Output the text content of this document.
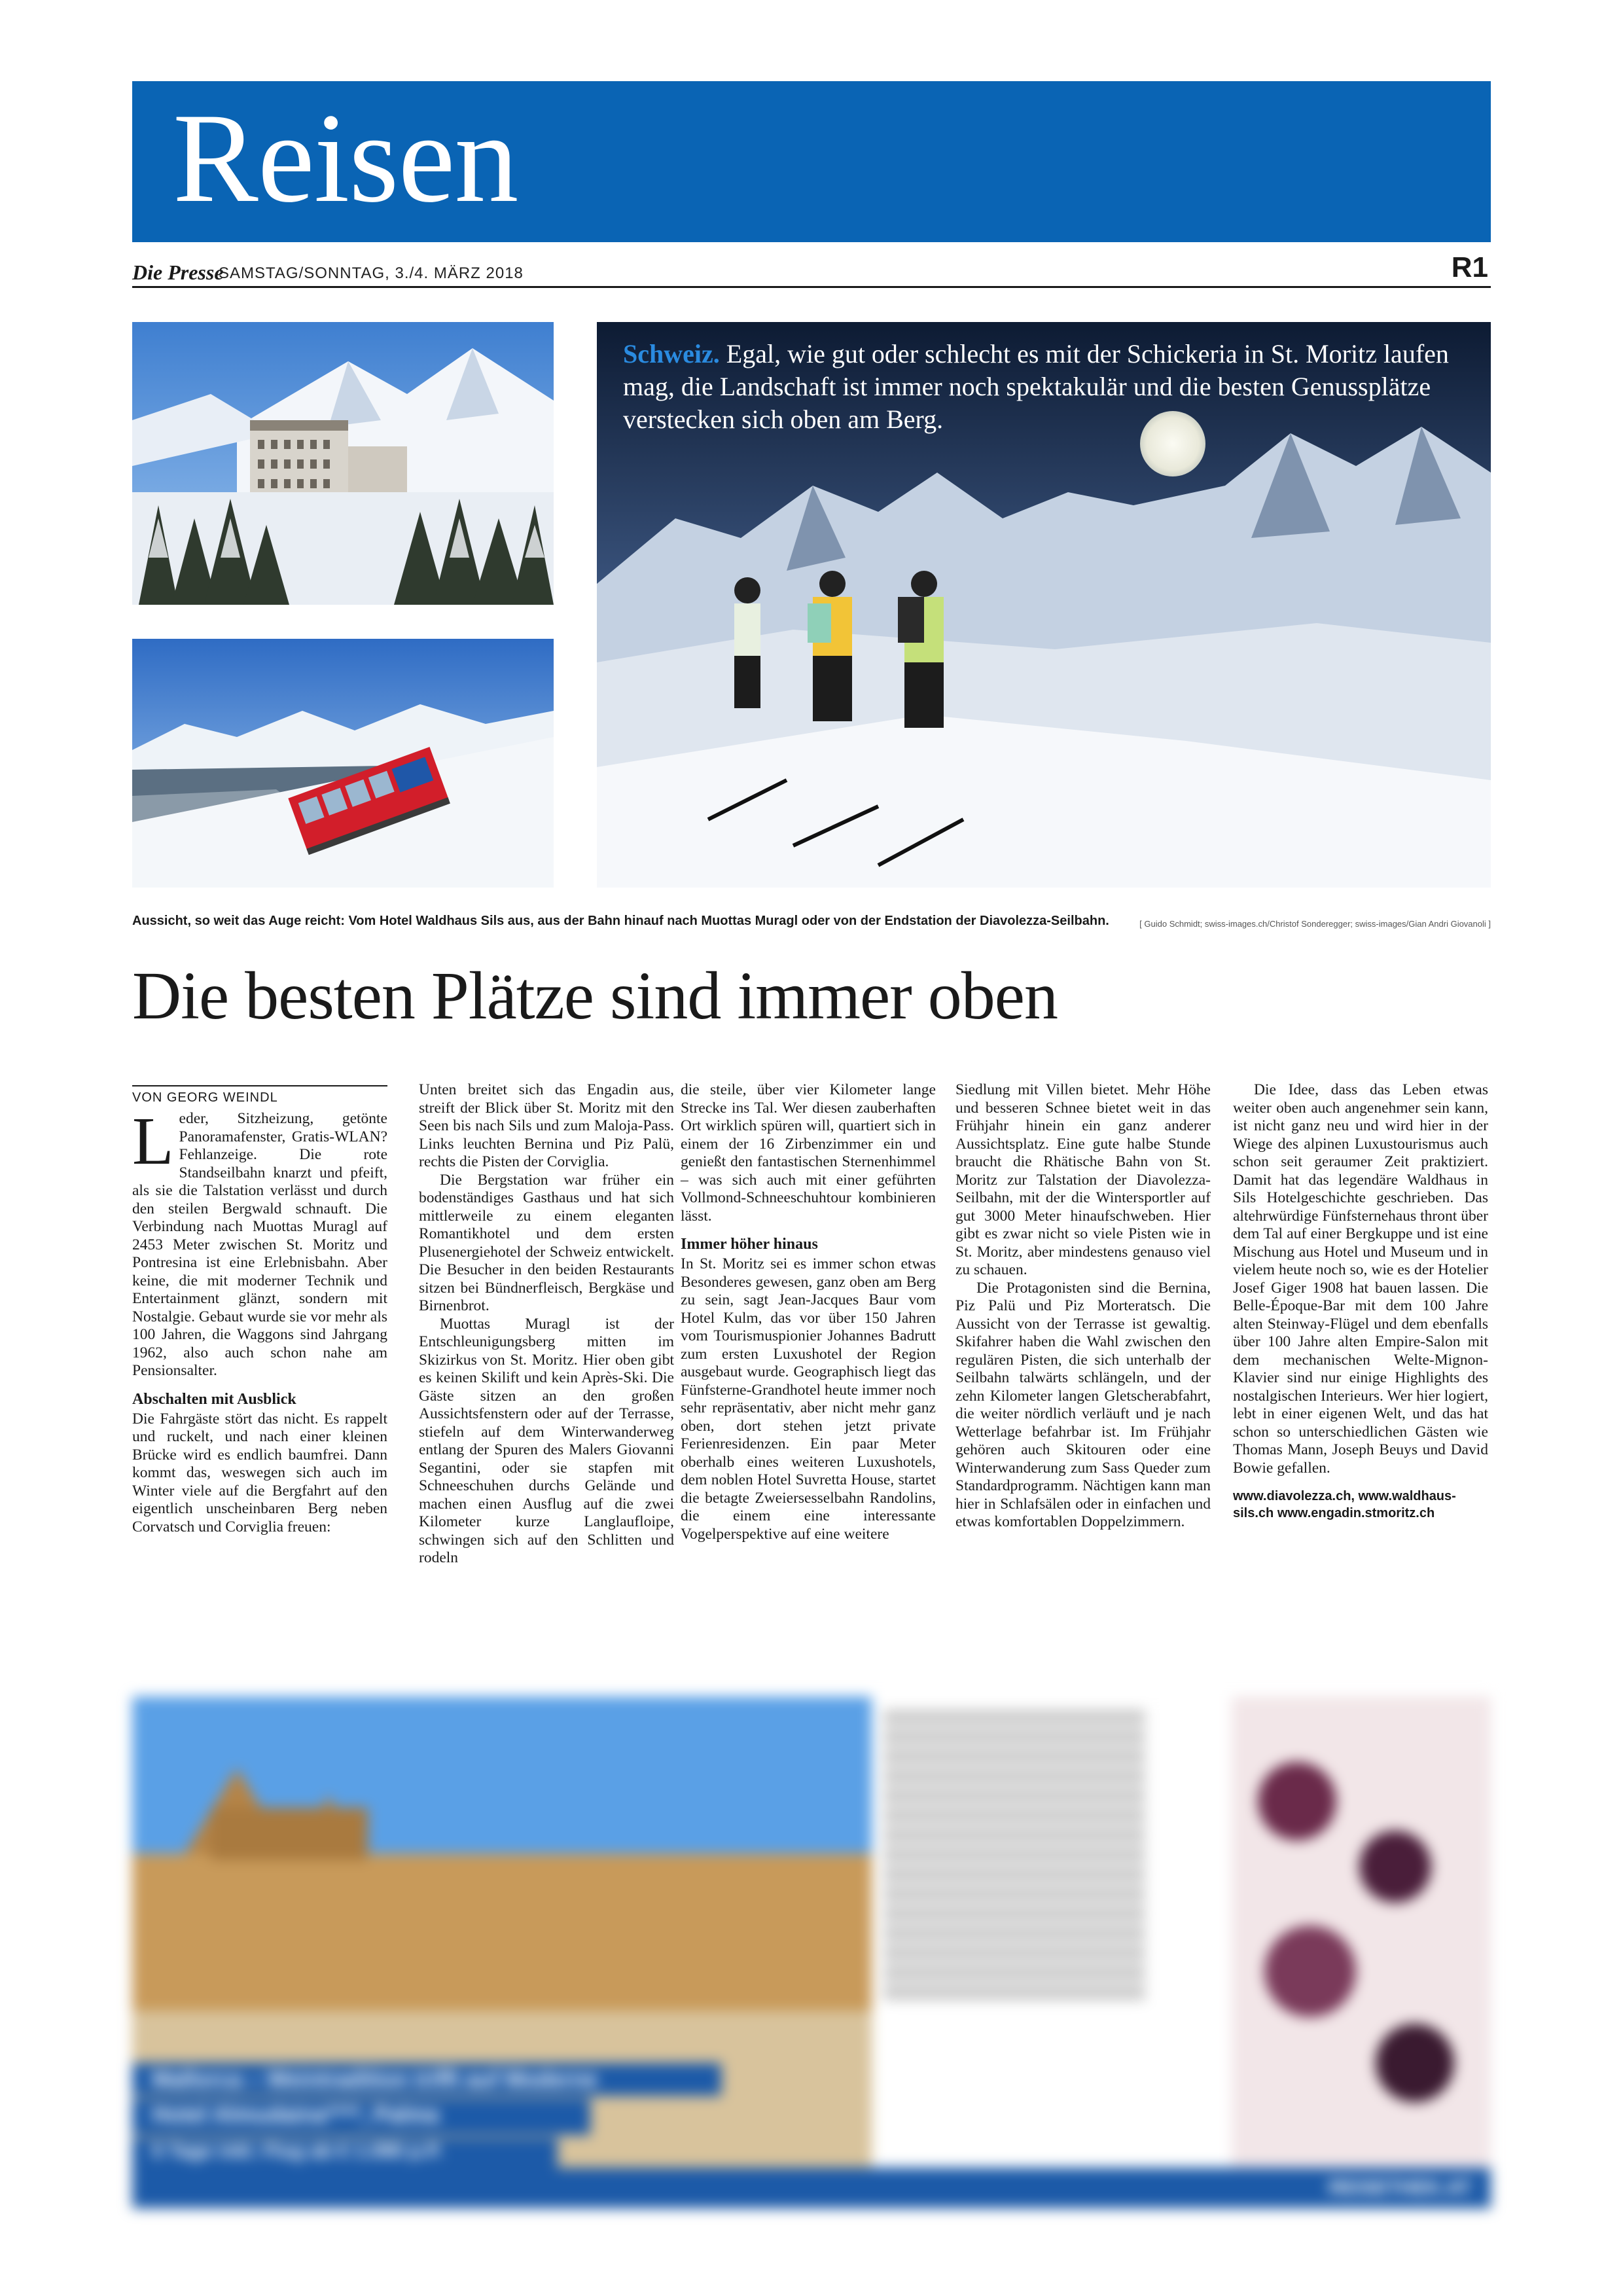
Reisen
Die Presse
SAMSTAG/SONNTAG, 3./4. MÄRZ 2018	R1
Schweiz. Egal, wie gut oder schlecht es mit der Schickeria in St. Moritz laufen mag, die Landschaft ist immer noch spektakulär und die besten Genussplätze verstecken sich oben am Berg.
Aussicht, so weit das Auge reicht: Vom Hotel Waldhaus Sils aus, aus der Bahn hinauf nach Muottas Muragl oder von der Endstation der Diavolezza-Seilbahn.	[ Guido Schmidt; swiss-images.ch/Christof Sonderegger; swiss-images/Gian Andri Giovanoli ]
Die besten Plätze sind immer oben
VON GEORG WEINDL

Leder, Sitzheizung, getönte Panoramafenster, Gratis-WLAN? Fehlanzeige. Die rote Standseilbahn knarzt und pfeift, als sie die Talstation verlässt und durch den steilen Bergwald schnauft. Die Verbindung nach Muottas Muragl auf 2453 Meter zwischen St. Moritz und Pontresina ist eine Erlebnisbahn. Aber keine, die mit moderner Technik und Entertainment glänzt, sondern mit Nostalgie. Gebaut wurde sie vor mehr als 100 Jahren, die Waggons sind Jahrgang 1962, also auch schon nahe am Pensionsalter.

Abschalten mit Ausblick

Die Fahrgäste stört das nicht. Es rappelt und ruckelt, und nach einer kleinen Brücke wird es endlich baumfrei. Dann kommt das, weswegen sich auch im Winter viele auf die Bergfahrt auf den eigentlich unscheinbaren Berg neben Corvatsch und Corviglia freuen:

Unten breitet sich das Engadin aus, streift der Blick über St. Moritz mit den Seen bis nach Sils und zum Maloja-Pass. Links leuchten Bernina und Piz Palü, rechts die Pisten der Corviglia.

Die Bergstation war früher ein bodenständiges Gasthaus und hat sich mittlerweile zu einem eleganten Romantikhotel und dem ersten Plusenergiehotel der Schweiz entwickelt. Die Besucher in den beiden Restaurants sitzen bei Bündnerfleisch, Bergkäse und Birnenbrot.

Muottas Muragl ist der Entschleunigungsberg mitten im Skizirkus von St. Moritz. Hier oben gibt es keinen Skilift und kein Après-Ski. Die Gäste sitzen an den großen Aussichtsfenstern oder auf der Terrasse, stiefeln auf dem Winterwanderweg entlang der Spuren des Malers Giovanni Segantini, oder sie stapfen mit Schneeschuhen durchs Gelände und machen einen Ausflug auf die zwei Kilometer kurze Langlaufloipe, schwingen sich auf den Schlitten und rodeln

die steile, über vier Kilometer lange Strecke ins Tal. Wer diesen zauberhaften Ort wirklich spüren will, quartiert sich in einem der 16 Zirbenzimmer ein und genießt den fantastischen Sternenhimmel – was sich auch mit einer geführten Vollmond-Schneeschuhtour kombinieren lässt.

Immer höher hinaus

In St. Moritz sei es immer schon etwas Besonderes gewesen, ganz oben am Berg zu sein, sagt Jean-Jacques Baur vom Hotel Kulm, das vor über 150 Jahren vom Tourismuspionier Johannes Badrutt zum ersten Luxushotel der Region ausgebaut wurde. Geographisch liegt das Fünfsterne-Grandhotel heute immer noch sehr repräsentativ, aber nicht mehr ganz oben, dort stehen jetzt private Ferienresidenzen. Ein paar Meter oberhalb eines weiteren Luxushotels, dem noblen Hotel Suvretta House, startet die betagte Zweiersesselbahn Randolins, die einem eine interessante Vogelperspektive auf eine weitere

Siedlung mit Villen bietet. Mehr Höhe und besseren Schnee bietet weit in das Frühjahr hinein ein ganz anderer Aussichtsplatz. Eine gute halbe Stunde braucht die Rhätische Bahn von St. Moritz zur Talstation der Diavolezza-Seilbahn, mit der die Wintersportler auf gut 3000 Meter hinaufschweben. Hier gibt es zwar nicht so viele Pisten wie in St. Moritz, aber mindestens genauso viel zu schauen.

Die Protagonisten sind die Bernina, Piz Palü und Piz Morteratsch. Die Aussicht von der Terrasse ist gewaltig. Skifahrer haben die Wahl zwischen den regulären Pisten, die sich unterhalb der Seilbahn talwärts schlängeln, und der zehn Kilometer langen Gletscherabfahrt, die weiter nördlich verläuft und je nach Wetterlage befahrbar ist. Im Frühjahr gehören auch Skitouren oder eine Winterwanderung zum Sass Queder zum Standardprogramm. Nächtigen kann man hier in Schlafsälen oder in einfachen und etwas komfortablen Doppelzimmern.

Die Idee, dass das Leben etwas weiter oben auch angenehmer sein kann, ist nicht ganz neu und wird hier in der Wiege des alpinen Luxustourismus auch schon seit geraumer Zeit praktiziert. Damit hat das legendäre Waldhaus in Sils Hotelgeschichte geschrieben. Das altehrwürdige Fünfsternehaus thront über dem Tal auf einer Bergkuppe und ist eine Mischung aus Hotel und Museum und in vielem heute noch so, wie es der Hotelier Josef Giger 1908 hat bauen lassen. Die Belle-Époque-Bar mit dem 100 Jahre alten Steinway-Flügel und dem ebenfalls über 100 Jahre alten Empire-Salon mit dem mechanischen Welte-Mignon-Klavier sind nur einige Highlights des nostalgischen Interieurs. Wer hier logiert, lebt in einer eigenen Welt, und das hat schon so unterschiedlichen Gästen wie Thomas Mann, Joseph Beuys und David Bowie gefallen.

www.diavolezza.ch, www.waldhaus-sils.ch www.engadin.stmoritz.ch
Mallorca – Weintradition trifft auf Moderne
Hotel Almudaina****, Palma
5 Tage inkl. Flug ab € 1.090 p.P.
REISETHEK.AT
